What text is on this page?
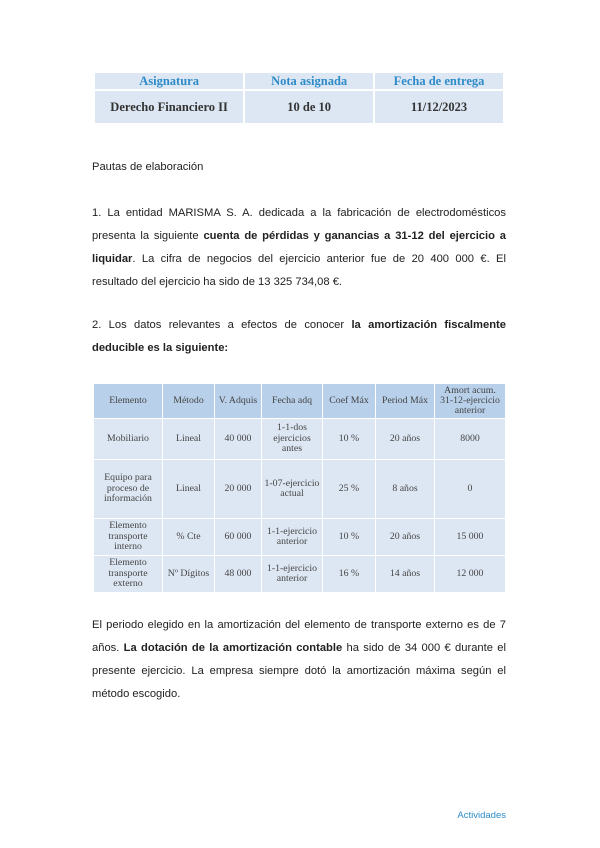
Asignatura	Nota asignada	Fecha de entrega
Derecho Financiero II	10 de 10	11/12/2023

Pautas de elaboración

1. La entidad MARISMA S. A. dedicada a la fabricación de electrodomésticos presenta la siguiente cuenta de pérdidas y ganancias a 31-12 del ejercicio a liquidar. La cifra de negocios del ejercicio anterior fue de 20 400 000 €. El resultado del ejercicio ha sido de 13 325 734,08 €.

2. Los datos relevantes a efectos de conocer la amortización fiscalmente deducible es la siguiente:

Elemento	Método	V. Adquis	Fecha adq	Coef Máx	Period Máx	Amort acum. 31-12-ejercicio anterior
Mobiliario	Lineal	40 000	1-1-dos ejercicios antes	10 %	20 años	8000
Equipo para proceso de información	Lineal	20 000	1-07-ejercicio actual	25 %	8 años	0
Elemento transporte interno	% Cte	60 000	1-1-ejercicio anterior	10 %	20 años	15 000
Elemento transporte externo	Nº Dígitos	48 000	1-1-ejercicio anterior	16 %	14 años	12 000

El periodo elegido en la amortización del elemento de transporte externo es de 7 años. La dotación de la amortización contable ha sido de 34 000 € durante el presente ejercicio. La empresa siempre dotó la amortización máxima según el método escogido.

Actividades
